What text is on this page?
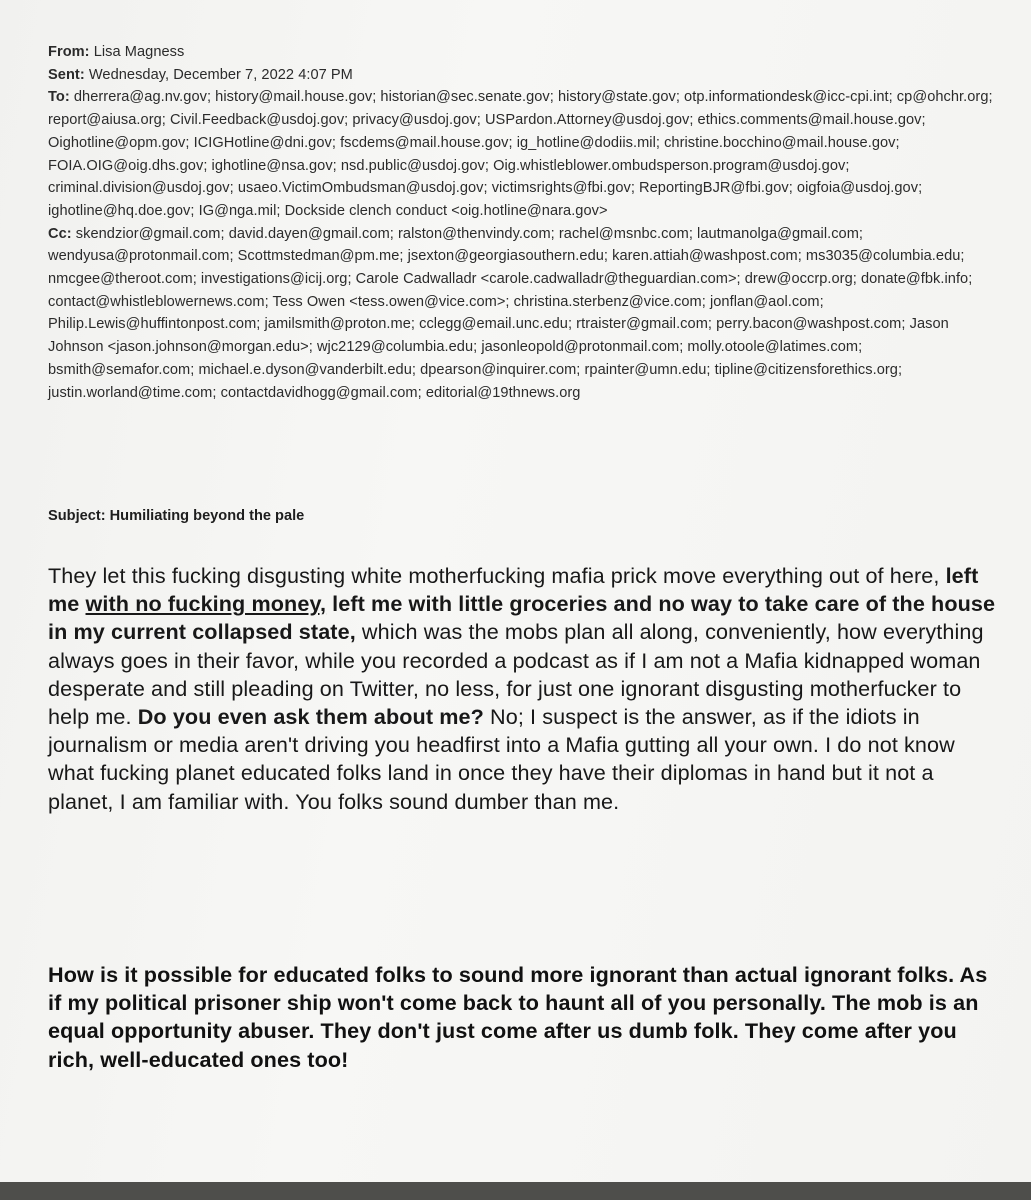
From: Lisa Magness
Sent: Wednesday, December 7, 2022 4:07 PM
To: dherrera@ag.nv.gov; history@mail.house.gov; historian@sec.senate.gov; history@state.gov; otp.informationdesk@icc-cpi.int; cp@ohchr.org; report@aiusa.org; Civil.Feedback@usdoj.gov; privacy@usdoj.gov; USPardon.Attorney@usdoj.gov; ethics.comments@mail.house.gov; Oighotline@opm.gov; ICIGHotline@dni.gov; fscdems@mail.house.gov; ig_hotline@dodiis.mil; christine.bocchino@mail.house.gov; FOIA.OIG@oig.dhs.gov; ighotline@nsa.gov; nsd.public@usdoj.gov; Oig.whistleblower.ombudsperson.program@usdoj.gov; criminal.division@usdoj.gov; usaeo.VictimOmbudsman@usdoj.gov; victimsrights@fbi.gov; ReportingBJR@fbi.gov; oigfoia@usdoj.gov; ighotline@hq.doe.gov; IG@nga.mil; Dockside clench conduct <oig.hotline@nara.gov>
Cc: skendzior@gmail.com; david.dayen@gmail.com; ralston@thenvindy.com; rachel@msnbc.com; lautmanolga@gmail.com; wendyusa@protonmail.com; Scottmstedman@pm.me; jsexton@georgiasouthern.edu; karen.attiah@washpost.com; ms3035@columbia.edu; nmcgee@theroot.com; investigations@icij.org; Carole Cadwalladr <carole.cadwalladr@theguardian.com>; drew@occrp.org; donate@fbk.info; contact@whistleblowernews.com; Tess Owen <tess.owen@vice.com>; christina.sterbenz@vice.com; jonflan@aol.com; Philip.Lewis@huffintonpost.com; jamilsmith@proton.me; cclegg@email.unc.edu; rtraister@gmail.com; perry.bacon@washpost.com; Jason Johnson <jason.johnson@morgan.edu>; wjc2129@columbia.edu; jasonleopold@protonmail.com; molly.otoole@latimes.com; bsmith@semafor.com; michael.e.dyson@vanderbilt.edu; dpearson@inquirer.com; rpainter@umn.edu; tipline@citizensforethics.org; justin.worland@time.com; contactdavidhogg@gmail.com; editorial@19thnews.org
Subject: Humiliating beyond the pale
They let this fucking disgusting white motherfucking mafia prick move everything out of here, left me with no fucking money, left me with little groceries and no way to take care of the house in my current collapsed state, which was the mobs plan all along, conveniently, how everything always goes in their favor, while you recorded a podcast as if I am not a Mafia kidnapped woman desperate and still pleading on Twitter, no less, for just one ignorant disgusting motherfucker to help me. Do you even ask them about me? No; I suspect is the answer, as if the idiots in journalism or media aren't driving you headfirst into a Mafia gutting all your own. I do not know what fucking planet educated folks land in once they have their diplomas in hand but it not a planet, I am familiar with. You folks sound dumber than me.
How is it possible for educated folks to sound more ignorant than actual ignorant folks. As if my political prisoner ship won't come back to haunt all of you personally. The mob is an equal opportunity abuser. They don't just come after us dumb folk. They come after you rich, well-educated ones too!
